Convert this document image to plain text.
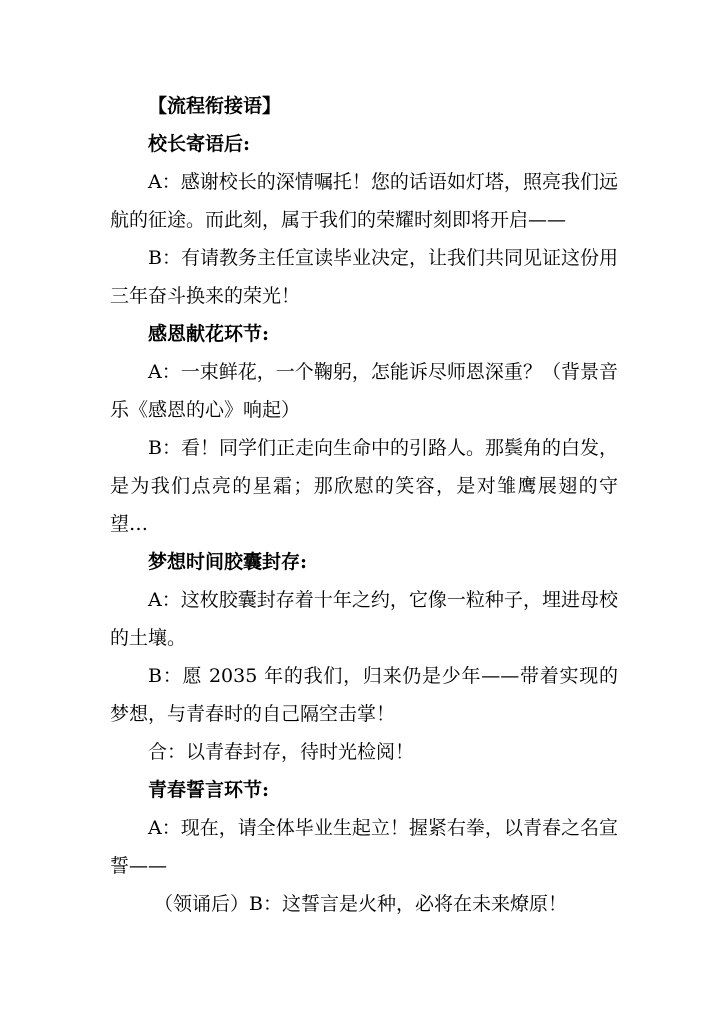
【流程衔接语】

校长寄语后:

A：感谢校长的深情嘱托！您的话语如灯塔，照亮我们远航的征途。而此刻，属于我们的荣耀时刻即将开启——

B：有请教务主任宣读毕业决定，让我们共同见证这份用三年奋斗换来的荣光！

感恩献花环节:

A：一束鲜花，一个鞠躬，怎能诉尽师恩深重？（背景音乐《感恩的心》响起）

B：看！同学们正走向生命中的引路人。那鬓角的白发，是为我们点亮的星霜；那欣慰的笑容，是对雏鹰展翅的守望…

梦想时间胶囊封存:

A：这枚胶囊封存着十年之约，它像一粒种子，埋进母校的土壤。

B：愿 2035 年的我们，归来仍是少年——带着实现的梦想，与青春时的自己隔空击掌！

合：以青春封存，待时光检阅！

青春誓言环节:

A：现在，请全体毕业生起立！握紧右拳，以青春之名宣誓——

（领诵后）B：这誓言是火种，必将在未来燎原！
